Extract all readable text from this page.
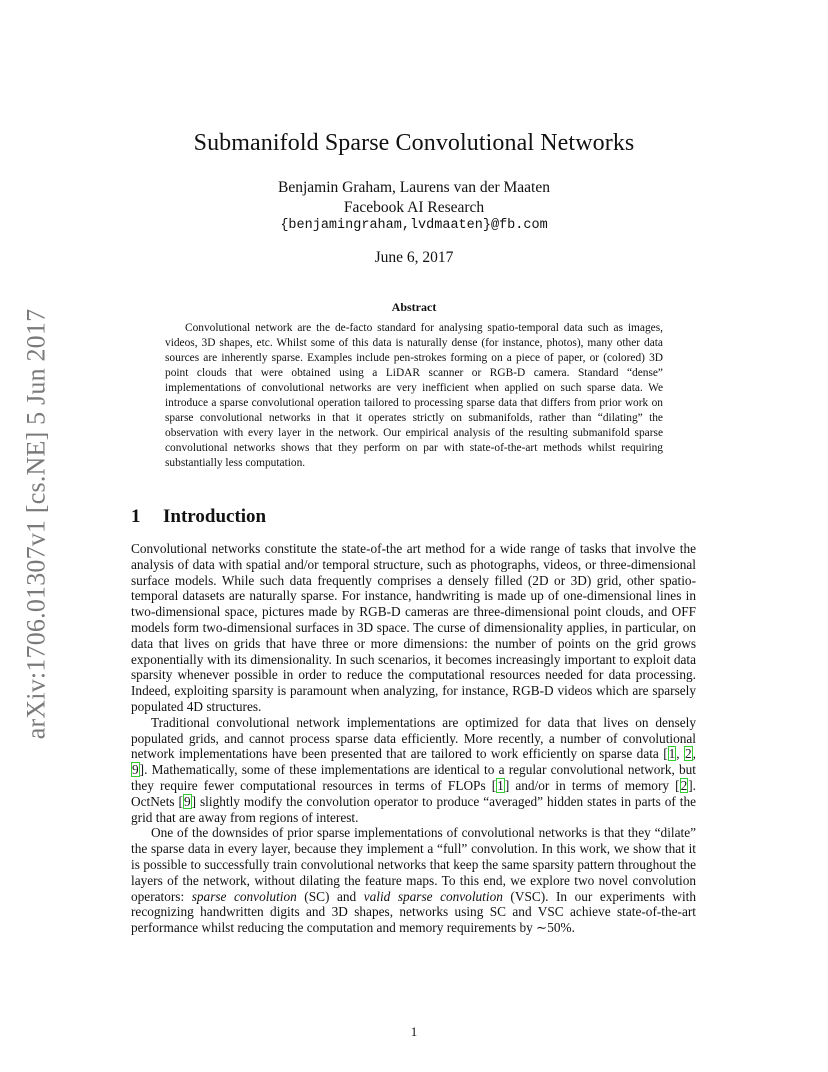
arXiv:1706.01307v1 [cs.NE] 5 Jun 2017
Submanifold Sparse Convolutional Networks
Benjamin Graham, Laurens van der Maaten
Facebook AI Research
{benjamingraham,lvdmaaten}@fb.com
June 6, 2017
Abstract

Convolutional network are the de-facto standard for analysing spatio-temporal data such as images, videos, 3D shapes, etc. Whilst some of this data is naturally dense (for instance, photos), many other data sources are inherently sparse. Examples include pen-strokes forming on a piece of paper, or (colored) 3D point clouds that were obtained using a LiDAR scanner or RGB-D camera. Standard “dense” implementations of convolutional networks are very inefficient when applied on such sparse data. We introduce a sparse convolutional operation tailored to processing sparse data that differs from prior work on sparse convolutional networks in that it operates strictly on submanifolds, rather than “dilating” the observation with every layer in the network. Our empirical analysis of the resulting submanifold sparse convolutional networks shows that they perform on par with state-of-the-art methods whilst requiring substantially less computation.

1 Introduction

Convolutional networks constitute the state-of-the art method for a wide range of tasks that involve the analysis of data with spatial and/or temporal structure, such as photographs, videos, or three-dimensional surface models. While such data frequently comprises a densely filled (2D or 3D) grid, other spatio-temporal datasets are naturally sparse. For instance, handwriting is made up of one-dimensional lines in two-dimensional space, pictures made by RGB-D cameras are three-dimensional point clouds, and OFF models form two-dimensional surfaces in 3D space. The curse of dimensionality applies, in particular, on data that lives on grids that have three or more dimensions: the number of points on the grid grows exponentially with its dimensionality. In such scenarios, it becomes increasingly important to exploit data sparsity whenever possible in order to reduce the computational resources needed for data processing. Indeed, exploiting sparsity is paramount when analyzing, for instance, RGB-D videos which are sparsely populated 4D structures.

Traditional convolutional network implementations are optimized for data that lives on densely populated grids, and cannot process sparse data efficiently. More recently, a number of convolutional network implementations have been presented that are tailored to work efficiently on sparse data [1, 2, 9]. Mathematically, some of these implementations are identical to a regular convolutional network, but they require fewer computational resources in terms of FLOPs [1] and/or in terms of memory [2]. OctNets [9] slightly modify the convolution operator to produce “averaged” hidden states in parts of the grid that are away from regions of interest.

One of the downsides of prior sparse implementations of convolutional networks is that they “dilate” the sparse data in every layer, because they implement a “full” convolution. In this work, we show that it is possible to successfully train convolutional networks that keep the same sparsity pattern throughout the layers of the network, without dilating the feature maps. To this end, we explore two novel convolution operators: sparse convolution (SC) and valid sparse convolution (VSC). In our experiments with recognizing handwritten digits and 3D shapes, networks using SC and VSC achieve state-of-the-art performance whilst reducing the computation and memory requirements by ∼50%.

1
